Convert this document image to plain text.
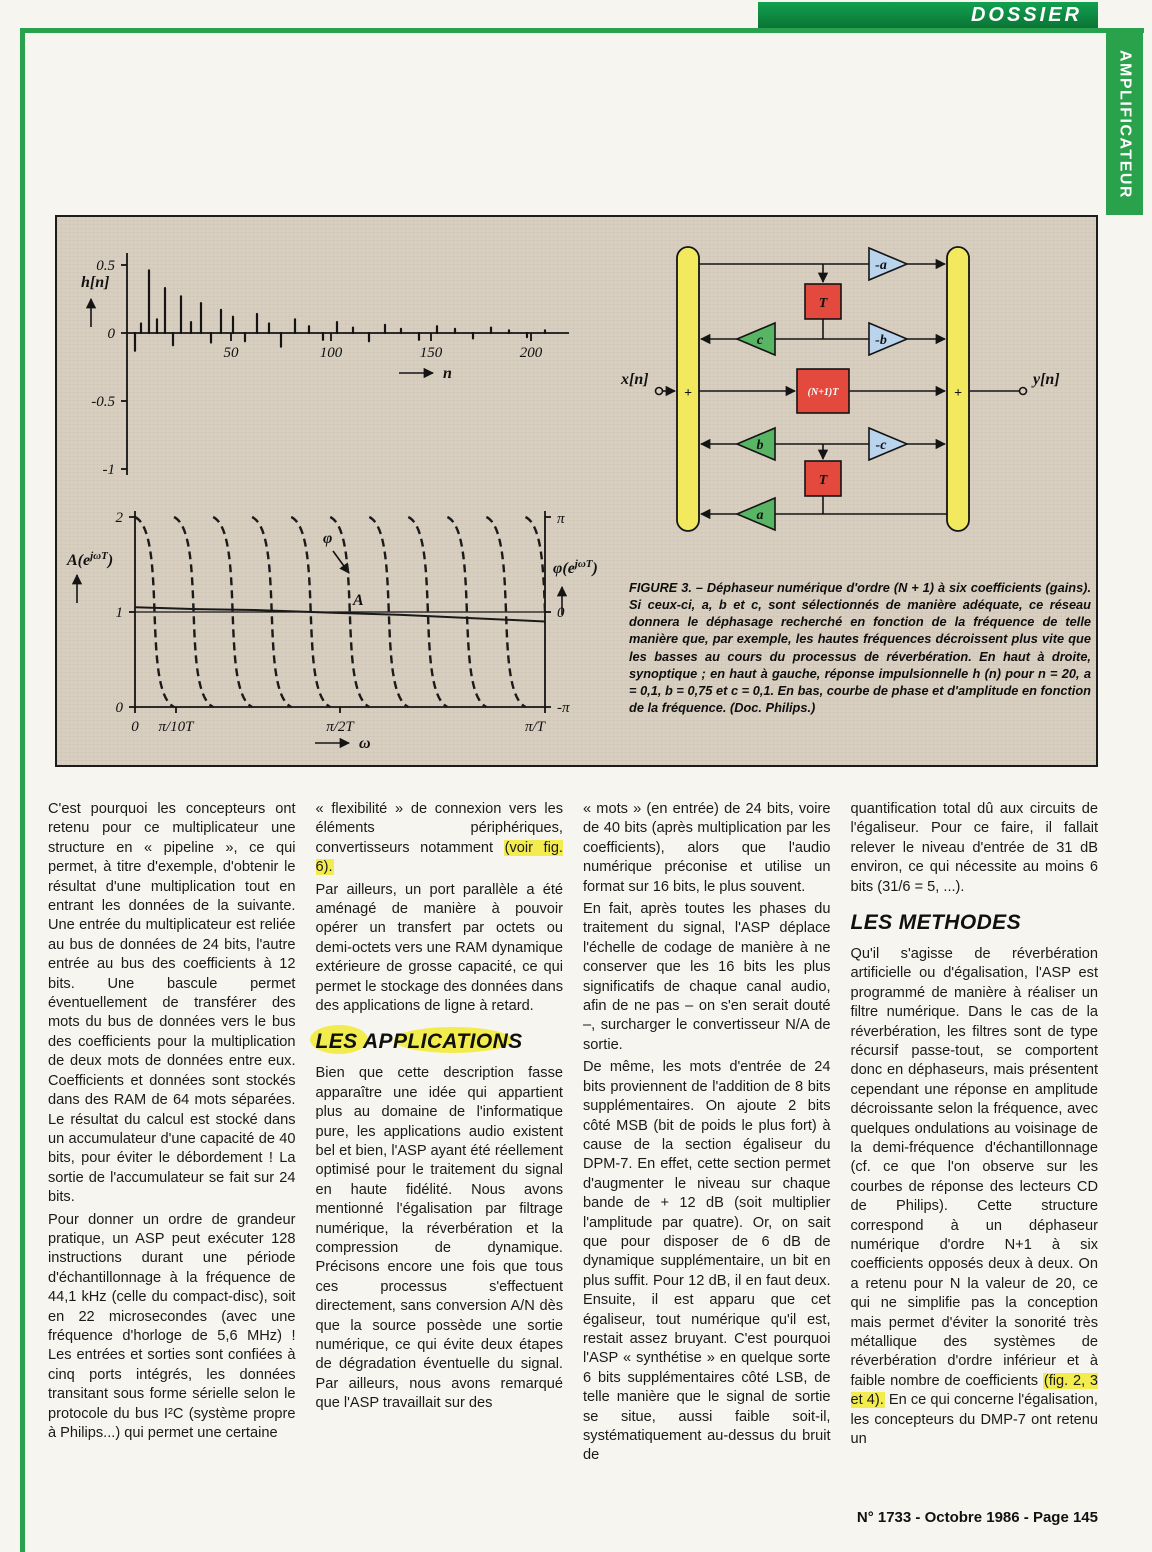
DOSSIER
AMPLIFICATEUR
0.5
0
-0.5
-1
50	100	150	200
h[n]
n
2
1
0
π
0
-π
0 π/10T	π/2T	π/T
$A(e^{j\omega T})$	$\varphi(e^{j\omega T})$
φ
A
ω
+	+
T
(N+1)T
T
-a
-b
-c
c
b
a
x[n]	y[n]
FIGURE 3. – Déphaseur numérique d'ordre (N + 1) à six coefficients (gains). Si ceux-ci, a, b et c, sont sélectionnés de manière adéquate, ce réseau donnera le déphasage recherché en fonction de la fréquence de telle manière que, par exemple, les hautes fréquences décroissent plus vite que les basses au cours du processus de réverbération. En haut à droite, synoptique ; en haut à gauche, réponse impulsionnelle h (n) pour n = 20, a = 0,1, b = 0,75 et c = 0,1. En bas, courbe de phase et d'amplitude en fonction de la fréquence. (Doc. Philips.)

C'est pourquoi les concepteurs ont retenu pour ce multiplicateur une structure en « pipeline », ce qui permet, à titre d'exemple, d'obtenir le résultat d'une multiplication tout en entrant les données de la suivante. Une entrée du multiplicateur est reliée au bus de données de 24 bits, l'autre entrée au bus des coefficients à 12 bits. Une bascule permet éventuellement de transférer des mots du bus de données vers le bus des coefficients pour la multiplication de deux mots de données entre eux. Coefficients et données sont stockés dans des RAM de 64 mots séparées. Le résultat du calcul est stocké dans un accumulateur d'une capacité de 40 bits, pour éviter le débordement ! La sortie de l'accumulateur se fait sur 24 bits.

Pour donner un ordre de grandeur pratique, un ASP peut exécuter 128 instructions durant une période d'échantillonnage à la fréquence de 44,1 kHz (celle du compact-disc), soit en 22 microsecondes (avec une fréquence d'horloge de 5,6 MHz) ! Les entrées et sorties sont confiées à cinq ports intégrés, les données transitant sous forme sérielle selon le protocole du bus I²C (système propre à Philips...) qui permet une certaine

« flexibilité » de connexion vers les éléments périphériques, convertisseurs notamment (voir fig. 6).

Par ailleurs, un port parallèle a été aménagé de manière à pouvoir opérer un transfert par octets ou demi-octets vers une RAM dynamique extérieure de grosse capacité, ce qui permet le stockage des données dans des applications de ligne à retard.

LES APPLICATIONS

Bien que cette description fasse apparaître une idée qui appartient plus au domaine de l'informatique pure, les applications audio existent bel et bien, l'ASP ayant été réellement optimisé pour le traitement du signal en haute fidélité. Nous avons mentionné l'égalisation par filtrage numérique, la réverbération et la compression de dynamique. Précisons encore une fois que tous ces processus s'effectuent directement, sans conversion A/N dès que la source possède une sortie numérique, ce qui évite deux étapes de dégradation éventuelle du signal. Par ailleurs, nous avons remarqué que l'ASP travaillait sur des

« mots » (en entrée) de 24 bits, voire de 40 bits (après multiplication par les coefficients), alors que l'audio numérique préconise et utilise un format sur 16 bits, le plus souvent.

En fait, après toutes les phases du traitement du signal, l'ASP déplace l'échelle de codage de manière à ne conserver que les 16 bits les plus significatifs de chaque canal audio, afin de ne pas – on s'en serait douté –, surcharger le convertisseur N/A de sortie.

De même, les mots d'entrée de 24 bits proviennent de l'addition de 8 bits supplémentaires. On ajoute 2 bits côté MSB (bit de poids le plus fort) à cause de la section égaliseur du DPM-7. En effet, cette section permet d'augmenter le niveau sur chaque bande de + 12 dB (soit multiplier l'amplitude par quatre). Or, on sait que pour disposer de 6 dB de dynamique supplémentaire, un bit en plus suffit. Pour 12 dB, il en faut deux. Ensuite, il est apparu que cet égaliseur, tout numérique qu'il est, restait assez bruyant. C'est pourquoi l'ASP « synthétise » en quelque sorte 6 bits supplémentaires côté LSB, de telle manière que le signal de sortie se situe, aussi faible soit-il, systématiquement au-dessus du bruit de

quantification total dû aux circuits de l'égaliseur. Pour ce faire, il fallait relever le niveau d'entrée de 31 dB environ, ce qui nécessite au moins 6 bits (31/6 = 5, ...).

LES METHODES

Qu'il s'agisse de réverbération artificielle ou d'égalisation, l'ASP est programmé de manière à réaliser un filtre numérique. Dans le cas de la réverbération, les filtres sont de type récursif passe-tout, se comportent donc en déphaseurs, mais présentent cependant une réponse en amplitude décroissante selon la fréquence, avec quelques ondulations au voisinage de la demi-fréquence d'échantillonnage (cf. ce que l'on observe sur les courbes de réponse des lecteurs CD de Philips). Cette structure correspond à un déphaseur numérique d'ordre N+1 à six coefficients opposés deux à deux. On a retenu pour N la valeur de 20, ce qui ne simplifie pas la conception mais permet d'éviter la sonorité très métallique des systèmes de réverbération d'ordre inférieur et à faible nombre de coefficients (fig. 2, 3 et 4). En ce qui concerne l'égalisation, les concepteurs du DMP-7 ont retenu un

N° 1733 - Octobre 1986 - Page 145
